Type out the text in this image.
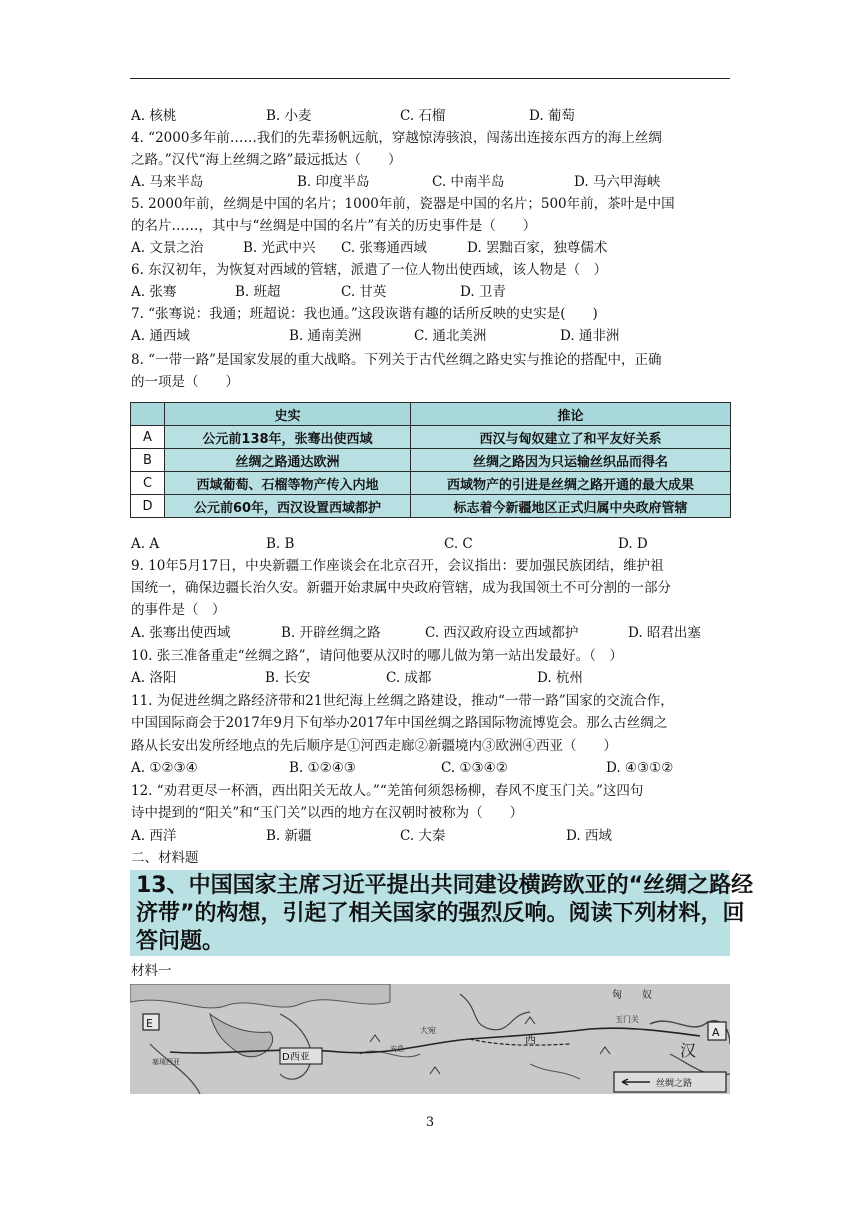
A. 核桃	B. 小麦	C. 石榴	D. 葡萄
4. “2000多年前……我们的先辈扬帆远航，穿越惊涛骇浪，闯荡出连接东西方的海上丝绸
之路。”汉代“海上丝绸之路”最远抵达（　　）
A. 马来半岛	B. 印度半岛	C. 中南半岛	D. 马六甲海峡
5. 2000年前，丝绸是中国的名片；1000年前，瓷器是中国的名片；500年前，茶叶是中国
的名片……，其中与“丝绸是中国的名片”有关的历史事件是（　　）
A. 文景之治	B. 光武中兴 C. 张骞通西域	D. 罢黜百家，独尊儒术
6. 东汉初年，为恢复对西域的管辖，派遣了一位人物出使西域，该人物是（　）
A. 张骞	B. 班超	C. 甘英	D. 卫青
7. “张骞说：我通；班超说：我也通。”这段诙谐有趣的话所反映的史实是(　　)
A. 通西域	B. 通南美洲	C. 通北美洲	D. 通非洲
8. “一带一路”是国家发展的重大战略。下列关于古代丝绸之路史实与推论的搭配中，正确
的一项是（　　）
	史实	推论
A	公元前138年，张骞出使西域	西汉与匈奴建立了和平友好关系
B	丝绸之路通达欧洲	丝绸之路因为只运输丝织品而得名
C	西域葡萄、石榴等物产传入内地	西域物产的引进是丝绸之路开通的最大成果
D	公元前60年，西汉设置西域都护	标志着今新疆地区正式归属中央政府管辖
A. A	B. B	C. C	D. D
9. 10年5月17日，中央新疆工作座谈会在北京召开，会议指出：要加强民族团结，维护祖
国统一，确保边疆长治久安。新疆开始隶属中央政府管辖，成为我国领土不可分割的一部分
的事件是（　）
A. 张骞出使西域	B. 开辟丝绸之路	C. 西汉政府设立西域都护	D. 昭君出塞
10. 张三准备重走“丝绸之路”，请问他要从汉时的哪儿做为第一站出发最好。（　）
A. 洛阳	B. 长安	C. 成都	D. 杭州
11. 为促进丝绸之路经济带和21世纪海上丝绸之路建设，推动“一带一路”国家的交流合作，
中国国际商会于2017年9月下旬举办2017年中国丝绸之路国际物流博览会。那么古丝绸之
路从长安出发所经地点的先后顺序是①河西走廊②新疆境内③欧洲④西亚（　　）
A. ①②③④	B. ①②④③	C. ①③④②	D. ④③①②
12. “劝君更尽一杯酒，西出阳关无故人。”“羌笛何须怨杨柳，春风不度玉门关。”这四句
诗中提到的“阳关”和“玉门关”以西的地方在汉朝时被称为（　　）
A. 西洋	B. 新疆	C. 大秦	D. 西域
二、材料题
13、中国国家主席习近平提出共同建设横跨欧亚的“丝绸之路经
济带”的构想，引起了相关国家的强烈反响。阅读下列材料，回
答问题。
材料一
E
A
D西亚
匈　　奴
玉门关
大宛
汉
西
塞琉西亚
安息
丝绸之路
3
